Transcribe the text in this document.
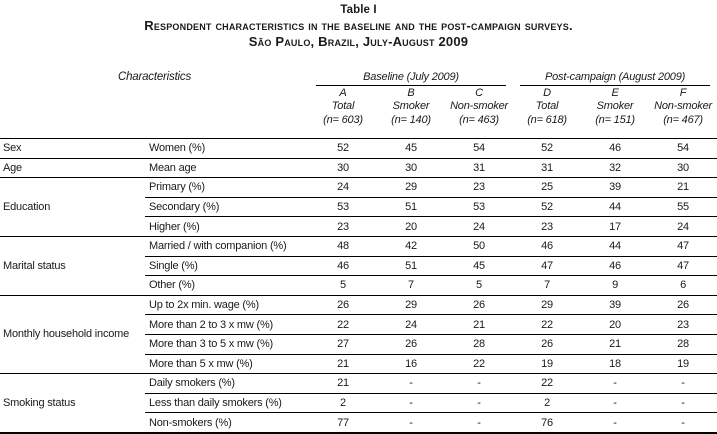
Table I
Respondent characteristics in the baseline and the post-campaign surveys.
São Paulo, Brazil, July-August 2009
Characteristics		Baseline (July 2009)			Post-campaign (August 2009)		

		A	B	C	D	E	F
		Total	Smoker	Non-smoker	Total	Smoker	Non-smoker
		(n= 603)	(n= 140)	(n= 463)	(n= 618)	(n= 151)	(n= 467)
Sex	Women (%)	52	45	54	52	46	54
Age	Mean age	30	30	31	31	32	30
Education	Primary (%)	24	29	23	25	39	21
	Secondary (%)	53	51	53	52	44	55
	Higher (%)	23	20	24	23	17	24
Marital status	Married / with companion (%)	48	42	50	46	44	47
	Single (%)	46	51	45	47	46	47
	Other (%)	5	7	5	7	9	6
Monthly household income	Up to 2x min. wage (%)	26	29	26	29	39	26
	More than 2 to 3 x mw (%)	22	24	21	22	20	23
	More than 3 to 5 x mw (%)	27	26	28	26	21	28
	More than 5 x mw (%)	21	16	22	19	18	19
Smoking status	Daily smokers (%)	21	-	-	22	-	-
	Less than daily smokers (%)	2	-	-	2	-	-
	Non-smokers (%)	77	-	-	76	-	-
